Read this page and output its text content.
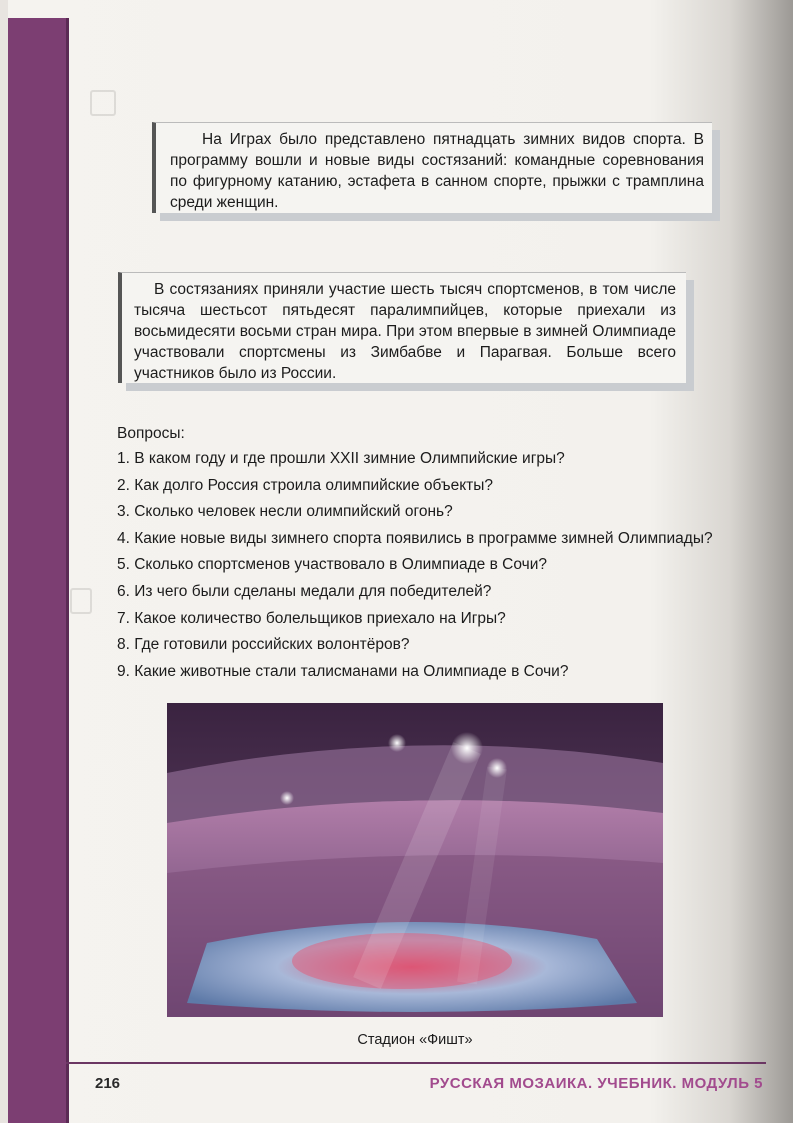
На Играх было представлено пятнадцать зимних видов спорта. В программу вошли и новые виды состязаний: командные соревнования по фигурному катанию, эстафета в санном спорте, прыжки с трамплина среди женщин.

В состязаниях приняли участие шесть тысяч спортсменов, в том числе тысяча шестьсот пятьдесят паралимпийцев, которые приехали из восьмидесяти восьми стран мира. При этом впервые в зимней Олимпиаде участвовали спортсмены из Зимбабве и Парагвая. Больше всего участников было из России.

Вопросы:
1. В каком году и где прошли XXII зимние Олимпийские игры?
2. Как долго Россия строила олимпийские объекты?
3. Сколько человек несли олимпийский огонь?
4. Какие новые виды зимнего спорта появились в программе зимней Олимпиады?
5. Сколько спортсменов участвовало в Олимпиаде в Сочи?
6. Из чего были сделаны медали для победителей?
7. Какое количество болельщиков приехало на Игры?
8. Где готовили российских волонтёров?
9. Какие животные стали талисманами на Олимпиаде в Сочи?
Стадион «Фишт»
216	РУССКАЯ МОЗАИКА. УЧЕБНИК. МОДУЛЬ 5
